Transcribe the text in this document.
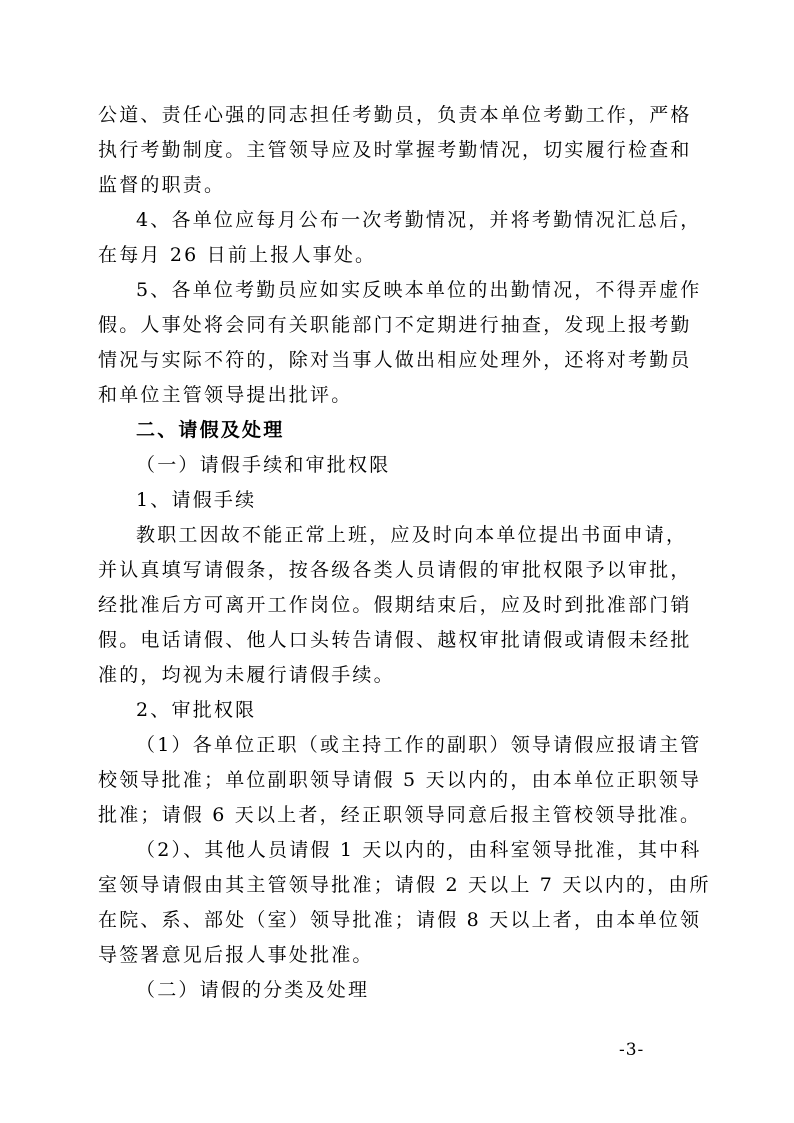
公道、责任心强的同志担任考勤员，负责本单位考勤工作，严格
执行考勤制度。主管领导应及时掌握考勤情况，切实履行检查和
监督的职责。
4、各单位应每月公布一次考勤情况，并将考勤情况汇总后，
在每月 26 日前上报人事处。
5、各单位考勤员应如实反映本单位的出勤情况，不得弄虚作
假。人事处将会同有关职能部门不定期进行抽查，发现上报考勤
情况与实际不符的，除对当事人做出相应处理外，还将对考勤员
和单位主管领导提出批评。
二、请假及处理
（一）请假手续和审批权限
1、请假手续
教职工因故不能正常上班，应及时向本单位提出书面申请，
并认真填写请假条，按各级各类人员请假的审批权限予以审批，
经批准后方可离开工作岗位。假期结束后，应及时到批准部门销
假。电话请假、他人口头转告请假、越权审批请假或请假未经批
准的，均视为未履行请假手续。
2、审批权限
（1）各单位正职（或主持工作的副职）领导请假应报请主管
校领导批准；单位副职领导请假 5 天以内的，由本单位正职领导
批准；请假 6 天以上者，经正职领导同意后报主管校领导批准。
（2）、其他人员请假 1 天以内的，由科室领导批准，其中科
室领导请假由其主管领导批准；请假 2 天以上 7 天以内的，由所
在院、系、部处（室）领导批准；请假 8 天以上者，由本单位领
导签署意见后报人事处批准。
（二）请假的分类及处理
-3-
